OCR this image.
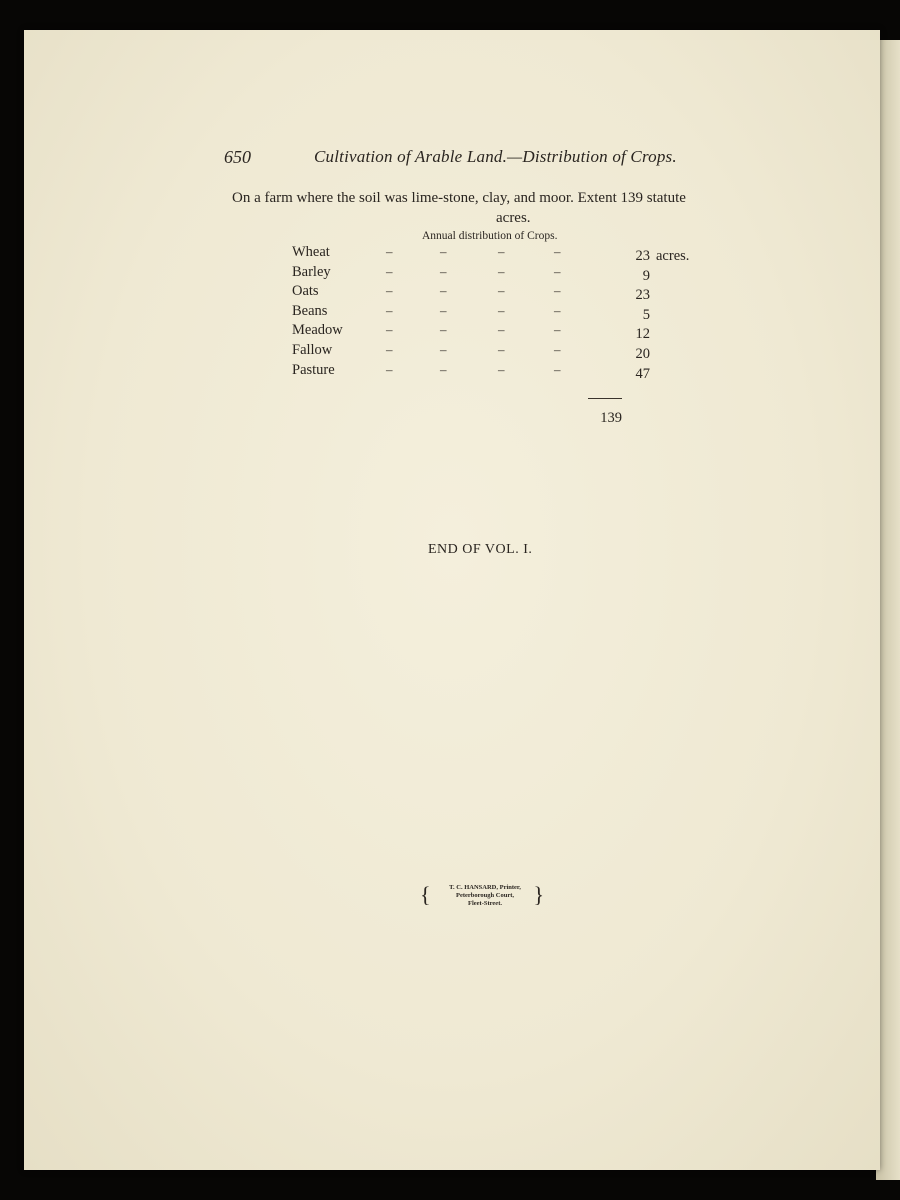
650	Cultivation of Arable Land.—Distribution of Crops.
On a farm where the soil was lime-stone, clay, and moor. Extent 139 statute
acres.
Annual distribution of Crops.
Wheat	–	–	–	–	23 acres.
Barley	–	–	–	–	9
Oats	–	–	–	–	23
Beans	–	–	–	–	5
Meadow	–	–	–	–	12
Fallow	–	–	–	–	20
Pasture	–	–	–	–	47
139
END OF VOL. I.
{	T. C. HANSARD, Printer,
Peterborough Court,
Fleet-Street.	}
